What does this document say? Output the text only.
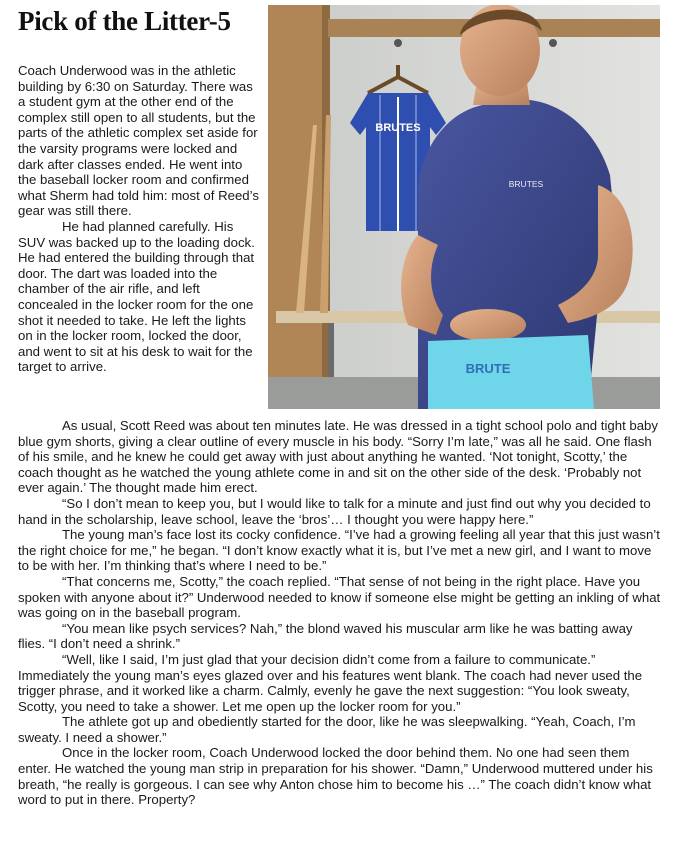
Pick of the Litter-5
BRUTES
BRUTES
BRUTE

Coach Underwood was in the athletic building by 6:30 on Saturday. There was a student gym at the other end of the complex still open to all students, but the parts of the athletic complex set aside for the varsity programs were locked and dark after classes ended. He went into the baseball locker room and confirmed what Sherm had told him: most of Reed’s gear was still there.

He had planned carefully. His SUV was backed up to the loading dock. He had entered the building through that door. The dart was loaded into the chamber of the air rifle, and left concealed in the locker room for the one shot it needed to take. He left the lights on in the locker room, locked the door, and went to sit at his desk to wait for the target to arrive.

As usual, Scott Reed was about ten minutes late. He was dressed in a tight school polo and tight baby blue gym shorts, giving a clear outline of every muscle in his body. “Sorry I’m late,” was all he said. One flash of his smile, and he knew he could get away with just about anything he wanted. ‘Not tonight, Scotty,’ the coach thought as he watched the young athlete come in and sit on the other side of the desk. ‘Probably not ever again.’ The thought made him erect.

“So I don’t mean to keep you, but I would like to talk for a minute and just find out why you decided to hand in the scholarship, leave school, leave the ‘bros’… I thought you were happy here.”

The young man’s face lost its cocky confidence. “I’ve had a growing feeling all year that this just wasn’t the right choice for me,” he began. “I don’t know exactly what it is, but I’ve met a new girl, and I want to move to be with her. I’m thinking that’s where I need to be.”

“That concerns me, Scotty,” the coach replied. “That sense of not being in the right place. Have you spoken with anyone about it?” Underwood needed to know if someone else might be getting an inkling of what was going on in the baseball program.

“You mean like psych services? Nah,” the blond waved his muscular arm like he was batting away flies. “I don’t need a shrink.”

“Well, like I said, I’m just glad that your decision didn’t come from a failure to communicate.” Immediately the young man’s eyes glazed over and his features went blank. The coach had never used the trigger phrase, and it worked like a charm. Calmly, evenly he gave the next suggestion: “You look sweaty, Scotty, you need to take a shower. Let me open up the locker room for you.”

The athlete got up and obediently started for the door, like he was sleepwalking. “Yeah, Coach, I’m sweaty. I need a shower.”

Once in the locker room, Coach Underwood locked the door behind them. No one had seen them enter. He watched the young man strip in preparation for his shower. “Damn,” Underwood muttered under his breath, “he really is gorgeous. I can see why Anton chose him to become his …” The coach didn’t know what word to put in there. Property?
